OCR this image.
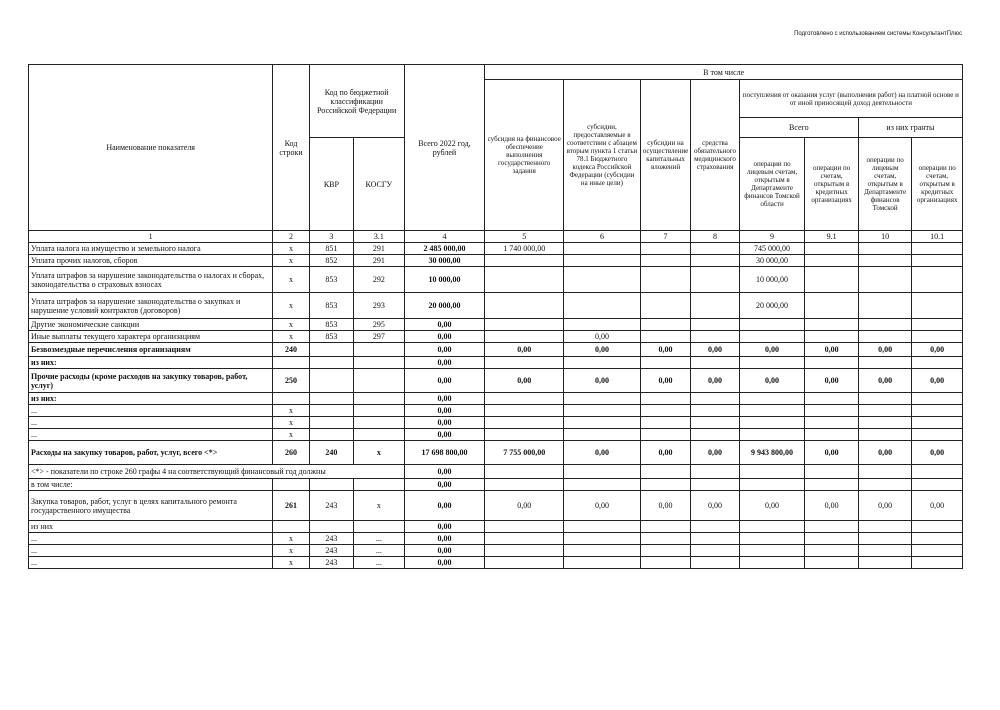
Подготовлено с использованием системы КонсультантПлюс
Наименование показателя	Код строки	Код по бюджетной классификации Российской Федерации		Всего 2022 год, рублей	В том числе							
					субсидия на финансовое обеспечение выполнения государственного задания	субсидии, предоставляемые в соответствии с абзацем вторым пункта 1 статьи 78.1 Бюджетного кодекса Российской Федерации (субсидии на иные цели)	субсидии на осуществление капитальных вложений	средства обязательного медицинского страхования	поступления от оказания услуг (выполнения работ) на платной основе и от иной приносящей доход деятельности			
									Всего		из них гранты	
		КВР	КОСГУ						операции по лицевым счетам, открытым в Департаменте финансов Томской области	операции по счетам, открытым в кредитных организациях	операции по лицевым счетам, открытым в Департаменте финансов Томской	операции по счетам, открытым в кредитных организациях
1	2	3	3.1	4	5	6	7	8	9	9.1	10	10.1
Уплата налога на имущество и земельного налога	х	851	291	2 485 000,00	1 740 000,00				745 000,00			
Уплата прочих налогов, сборов	х	852	291	30 000,00					30 000,00			
Уплата штрафов за нарушение законодательства о налогах и сборах, законодательства о страховых взносах	х	853	292	10 000,00					10 000,00			
Уплата штрафов за нарушение законодательства о закупках и нарушение условий контрактов (договоров)	х	853	293	20 000,00					20 000,00			
Другие экономические санкции	х	853	295	0,00								
Иные выплаты текущего характера организациям	х	853	297	0,00		0,00						
Безвозмездные перечисления организациям	240			0,00	0,00	0,00	0,00	0,00	0,00	0,00	0,00	0,00
из них:				0,00								
Прочие расходы (кроме расходов на закупку товаров, работ, услуг)	250			0,00	0,00	0,00	0,00	0,00	0,00	0,00	0,00	0,00
из них:				0,00								
...	х			0,00								
...	х			0,00								
...	х			0,00								
Расходы на закупку товаров, работ, услуг, всего <*>	260	240	х	17 698 800,00	7 755 000,00	0,00	0,00	0,00	9 943 800,00	0,00	0,00	0,00
<*> - показатели по строке 260 графы 4 на соответствующий финансовый год должны				0,00								
в том числе:				0,00								
Закупка товаров, работ, услуг в целях капитального ремонта государственного имущества	261	243	х	0,00	0,00	0,00	0,00	0,00	0,00	0,00	0,00	0,00
из них				0,00								
...	х	243	...	0,00								
...	х	243	...	0,00								
...	х	243	...	0,00								
